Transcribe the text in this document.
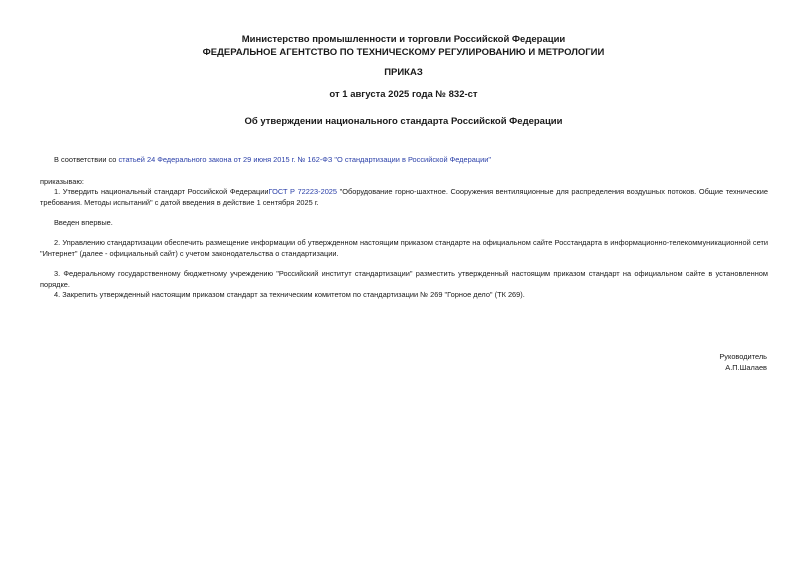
Министерство промышленности и торговли Российской Федерации
ФЕДЕРАЛЬНОЕ АГЕНТСТВО ПО ТЕХНИЧЕСКОМУ РЕГУЛИРОВАНИЮ И МЕТРОЛОГИИ
ПРИКАЗ
от 1 августа 2025 года № 832-ст
Об утверждении национального стандарта Российской Федерации
В соответствии со статьей 24 Федерального закона от 29 июня 2015 г. № 162-ФЗ "О стандартизации в Российской Федерации"
приказываю:
1. Утвердить национальный стандарт Российской ФедерацииГОСТ Р 72223-2025 "Оборудование горно-шахтное. Сооружения вентиляционные для распределения воздушных потоков. Общие технические требования. Методы испытаний" с датой введения в действие 1 сентября 2025 г.
Введен впервые.
2. Управлению стандартизации обеспечить размещение информации об утвержденном настоящим приказом стандарте на официальном сайте Росстандарта в информационно-телекоммуникационной сети "Интернет" (далее - официальный сайт) с учетом законодательства о стандартизации.
3. Федеральному государственному бюджетному учреждению "Российский институт стандартизации" разместить утвержденный настоящим приказом стандарт на официальном сайте в установленном порядке.
4. Закрепить утвержденный настоящим приказом стандарт за техническим комитетом по стандартизации № 269 "Горное дело" (ТК 269).
Руководитель
А.П.Шалаев
